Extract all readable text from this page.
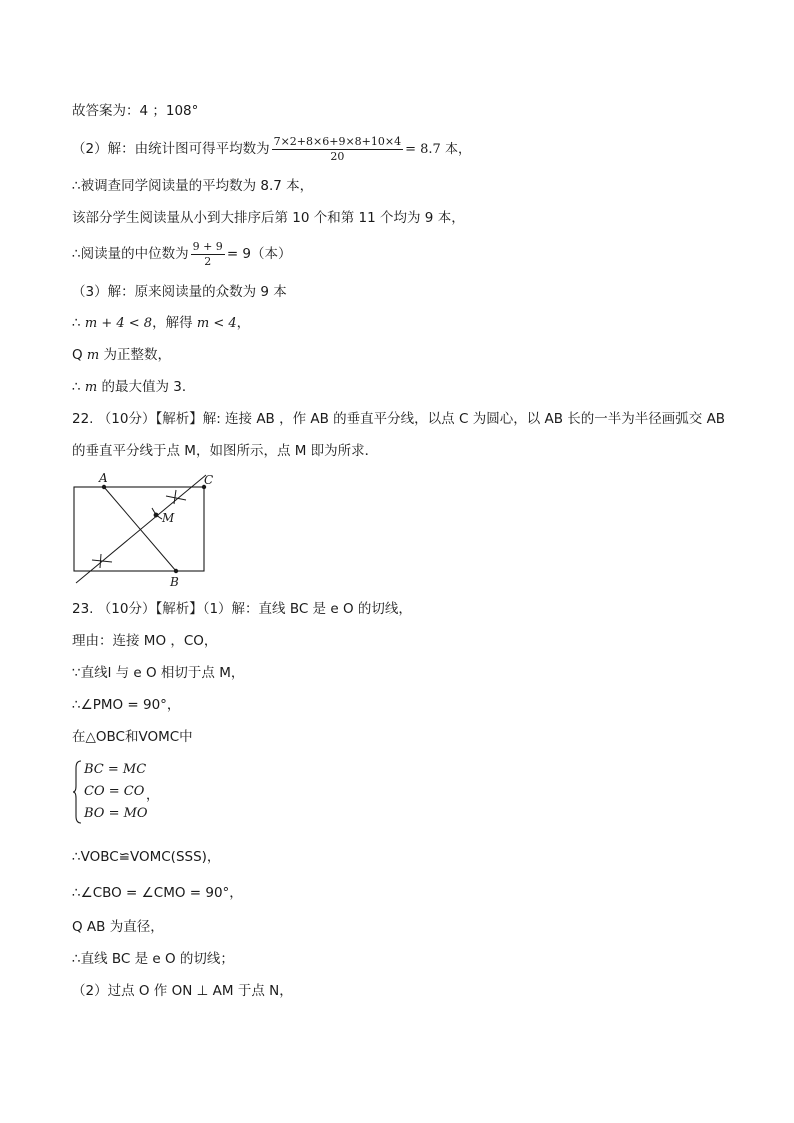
故答案为：4 ；108°
（2）解：由统计图可得平均数为 $\frac{7\times 2+8\times 6+9\times 8+10\times 4}{20} = 8.7$ 本，
∴被调查同学阅读量的平均数为 8.7 本，
该部分学生阅读量从小到大排序后第 10 个和第 11 个均为 9 本，
∴阅读量的中位数为 $\frac{9 + 9}{2} = 9$（本）
（3）解：原来阅读量的众数为 9 本
∴ m + 4 < 8，解得 m < 4，
Q m 为正整数，
∴ m 的最大值为 3．
22. （10分）【解析】解: 连接 AB ，作 AB 的垂直平分线，以点 C 为圆心，以 AB 长的一半为半径画弧交 AB
的垂直平分线于点 M，如图所示，点 M 即为所求．
A	C
M
B
23. （10分）【解析】（1）解：直线 BC 是 e O 的切线，
理由：连接 MO ，CO，
∵直线l 与 e O 相切于点 M，
∴∠PMO = 90°，
在△OBC和VOMC中
BC = MC
CO = CO
BO = MO
，
∴VOBC≌VOMC(SSS)，
∴∠CBO = ∠CMO = 90°，
Q AB 为直径，
∴直线 BC 是 e O 的切线；
（2）过点 O 作 ON ⊥ AM 于点 N，
